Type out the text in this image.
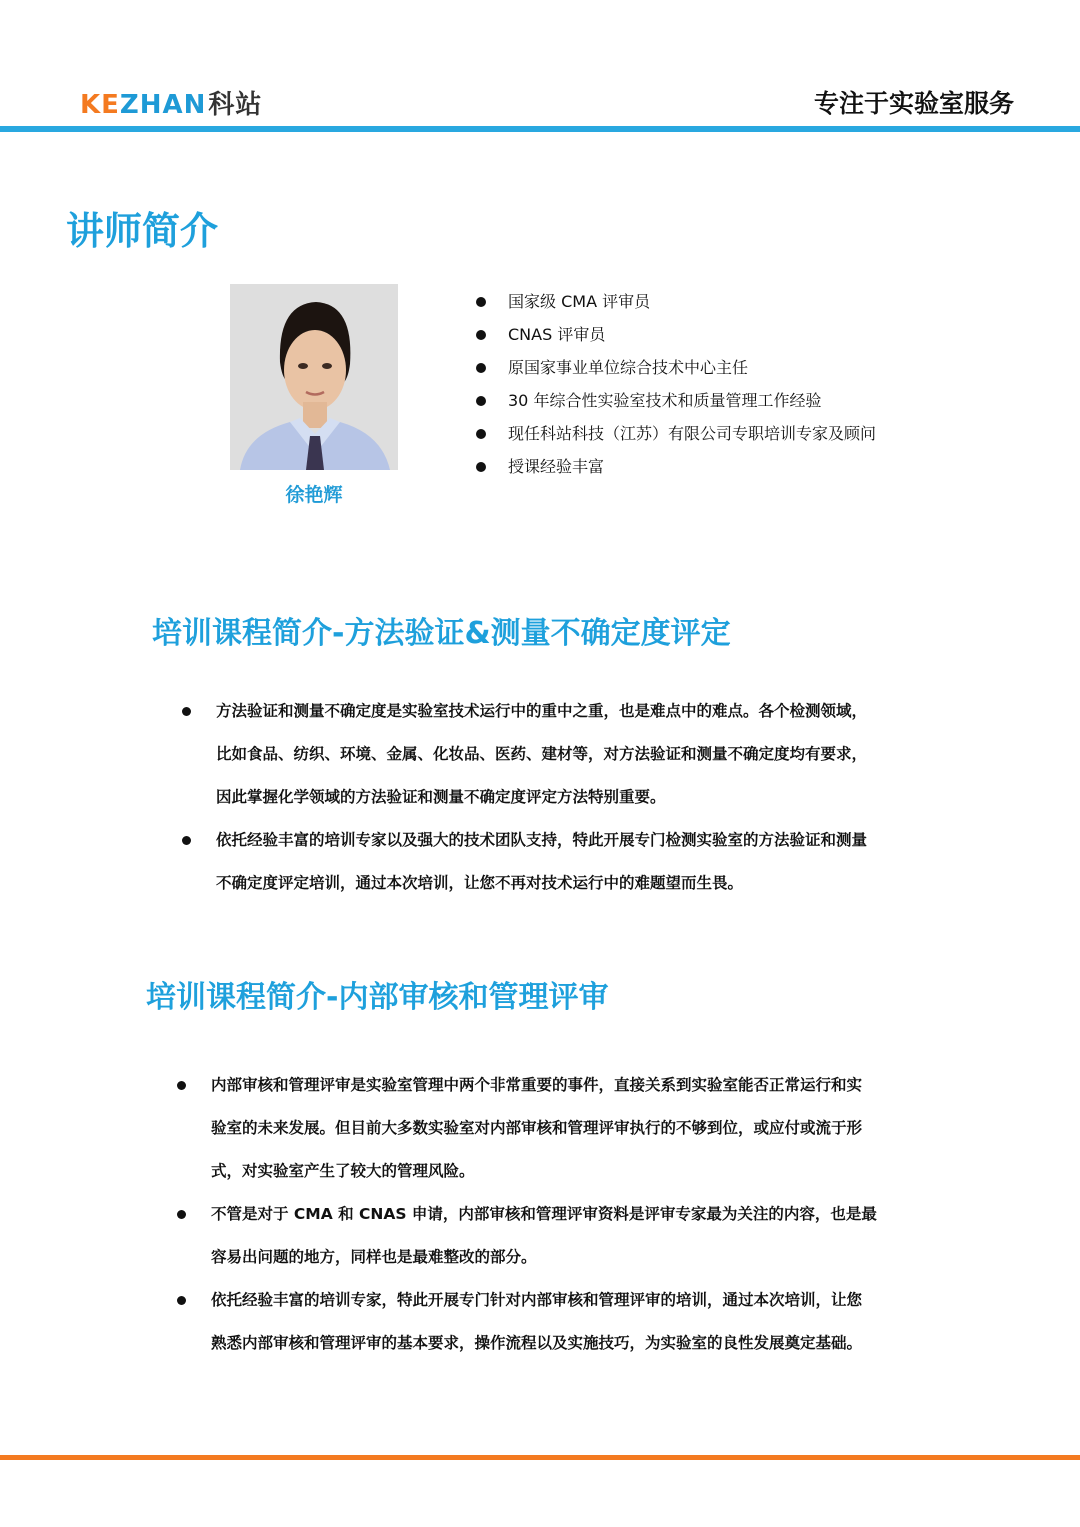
KEZHAN科站	专注于实验室服务
讲师简介
徐艳辉
国家级 CMA 评审员
CNAS 评审员
原国家事业单位综合技术中心主任
30 年综合性实验室技术和质量管理工作经验
现任科站科技（江苏）有限公司专职培训专家及顾问
授课经验丰富
培训课程简介-方法验证&测量不确定度评定
方法验证和测量不确定度是实验室技术运行中的重中之重，也是难点中的难点。各个检测领域，比如食品、纺织、环境、金属、化妆品、医药、建材等，对方法验证和测量不确定度均有要求，因此掌握化学领域的方法验证和测量不确定度评定方法特别重要。
依托经验丰富的培训专家以及强大的技术团队支持，特此开展专门检测实验室的方法验证和测量不确定度评定培训，通过本次培训，让您不再对技术运行中的难题望而生畏。
培训课程简介-内部审核和管理评审
内部审核和管理评审是实验室管理中两个非常重要的事件，直接关系到实验室能否正常运行和实验室的未来发展。但目前大多数实验室对内部审核和管理评审执行的不够到位，或应付或流于形式，对实验室产生了较大的管理风险。
不管是对于 CMA 和 CNAS 申请，内部审核和管理评审资料是评审专家最为关注的内容，也是最容易出问题的地方，同样也是最难整改的部分。
依托经验丰富的培训专家，特此开展专门针对内部审核和管理评审的培训，通过本次培训，让您熟悉内部审核和管理评审的基本要求，操作流程以及实施技巧，为实验室的良性发展奠定基础。
